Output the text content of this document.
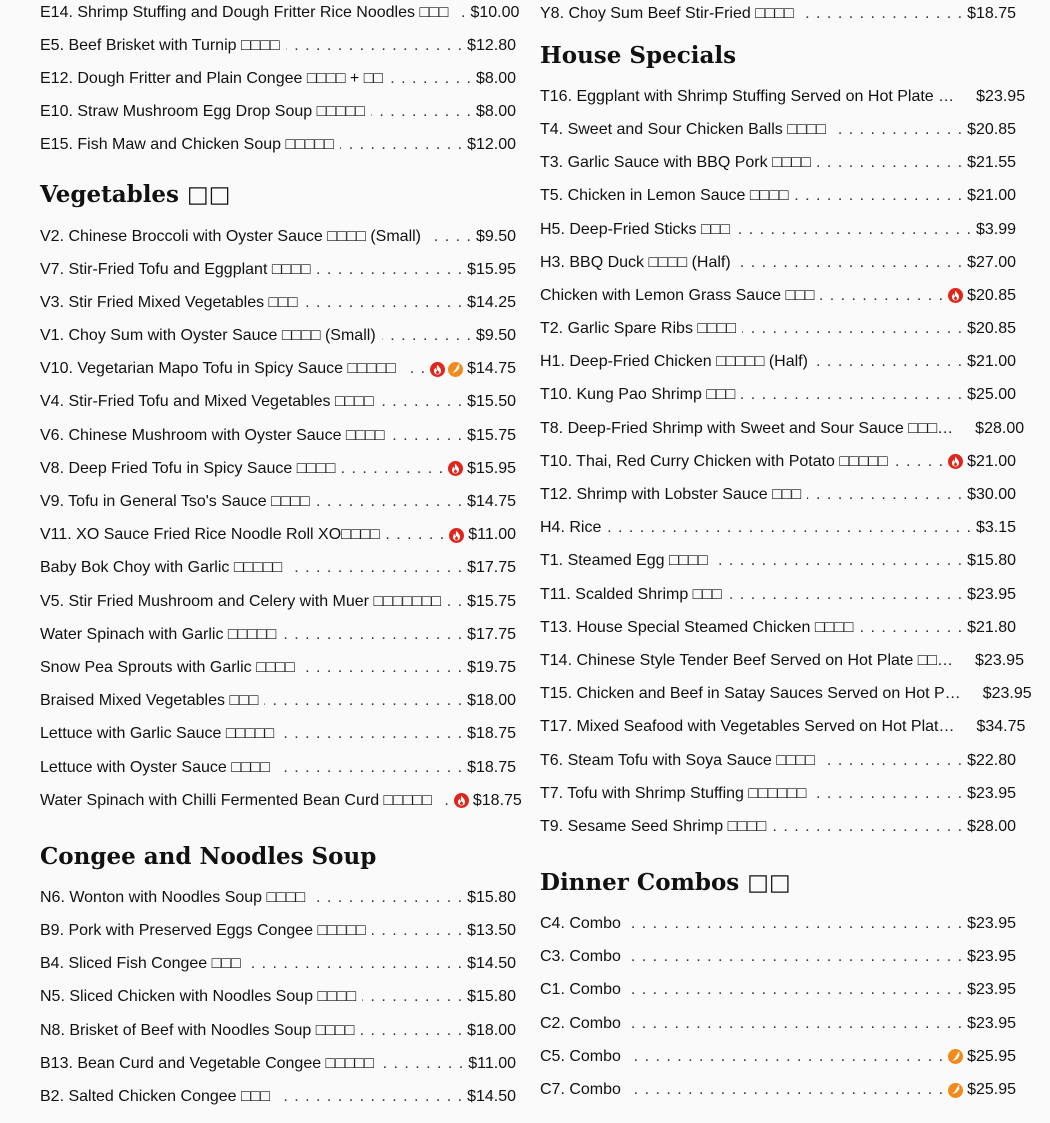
E14. Shrimp Stuffing and Dough Fritter Rice Noodles □□□ . . . $10.00
E5. Beef Brisket with Turnip □□□□ . . .	$12.80
E12. Dough Fritter and Plain Congee □□□□ + □□ . . .	$8.00
E10. Straw Mushroom Egg Drop Soup □□□□□ . . .	$8.00
E15. Fish Maw and Chicken Soup □□□□□ . . .	$12.00
Vegetables □□
V2. Chinese Broccoli with Oyster Sauce □□□□ (Small) . . .	$9.50
V7. Stir-Fried Tofu and Eggplant □□□□ . . .	$15.95
V3. Stir Fried Mixed Vegetables □□□ . . .	$14.25
V1. Choy Sum with Oyster Sauce □□□□ (Small) . . .	$9.50
V10. Vegetarian Mapo Tofu in Spicy Sauce □□□□□ . . .	$14.75
V4. Stir-Fried Tofu and Mixed Vegetables □□□□ . . .	$15.50
V6. Chinese Mushroom with Oyster Sauce □□□□ . . .	$15.75
V8. Deep Fried Tofu in Spicy Sauce □□□□ . . .	$15.95
V9. Tofu in General Tso's Sauce □□□□ . . .	$14.75
V11. XO Sauce Fried Rice Noodle Roll XO□□□□ . . .	$11.00
Baby Bok Choy with Garlic □□□□□ . . .	$17.75
V5. Stir Fried Mushroom and Celery with Muer □□□□□□□ . . . $15.75
Water Spinach with Garlic □□□□□ . . .	$17.75
Snow Pea Sprouts with Garlic □□□□ . . .	$19.75
Braised Mixed Vegetables □□□ . . .	$18.00
Lettuce with Garlic Sauce □□□□□ . . .	$18.75
Lettuce with Oyster Sauce □□□□ . . .	$18.75
Water Spinach with Chilli Fermented Bean Curd □□□□□ . . .	$18.75
Congee and Noodles Soup
N6. Wonton with Noodles Soup □□□□ . . .	$15.80
B9. Pork with Preserved Eggs Congee □□□□□ . . .	$13.50
B4. Sliced Fish Congee □□□ . . .	$14.50
N5. Sliced Chicken with Noodles Soup □□□□ . . .	$15.80
N8. Brisket of Beef with Noodles Soup □□□□ . . .	$18.00
B13. Bean Curd and Vegetable Congee □□□□□ . . .	$11.00
B2. Salted Chicken Congee □□□ . . .	$14.50
Y8. Choy Sum Beef Stir-Fried □□□□ . . .	$18.75
House Specials
T16. Eggplant with Shrimp Stuffing Served on Hot Plate … $23.95
T4. Sweet and Sour Chicken Balls □□□□ . . .	$20.85
T3. Garlic Sauce with BBQ Pork □□□□ . . .	$21.55
T5. Chicken in Lemon Sauce □□□□ . . .	$21.00
H5. Deep-Fried Sticks □□□ . . .	$3.99
H3. BBQ Duck □□□□ (Half) . . .	$27.00
Chicken with Lemon Grass Sauce □□□ . . .	$20.85
T2. Garlic Spare Ribs □□□□ . . .	$20.85
H1. Deep-Fried Chicken □□□□□ (Half) . . .	$21.00
T10. Kung Pao Shrimp □□□ . . .	$25.00
T8. Deep-Fried Shrimp with Sweet and Sour Sauce □□□… $28.00
T10. Thai, Red Curry Chicken with Potato □□□□□ . . .	$21.00
T12. Shrimp with Lobster Sauce □□□ . . .	$30.00
H4. Rice . . .	$3.15
T1. Steamed Egg □□□□ . . .	$15.80
T11. Scalded Shrimp □□□ . . .	$23.95
T13. House Special Steamed Chicken □□□□ . . .	$21.80
T14. Chinese Style Tender Beef Served on Hot Plate □□… $23.95
T15. Chicken and Beef in Satay Sauces Served on Hot P… $23.95
T17. Mixed Seafood with Vegetables Served on Hot Plat… $34.75
T6. Steam Tofu with Soya Sauce □□□□ . . .	$22.80
T7. Tofu with Shrimp Stuffing □□□□□□ . . .	$23.95
T9. Sesame Seed Shrimp □□□□ . . .	$28.00
Dinner Combos □□
C4. Combo . . .	$23.95
C3. Combo . . .	$23.95
C1. Combo . . .	$23.95
C2. Combo . . .	$23.95
C5. Combo . . .	$25.95
C7. Combo . . .	$25.95
